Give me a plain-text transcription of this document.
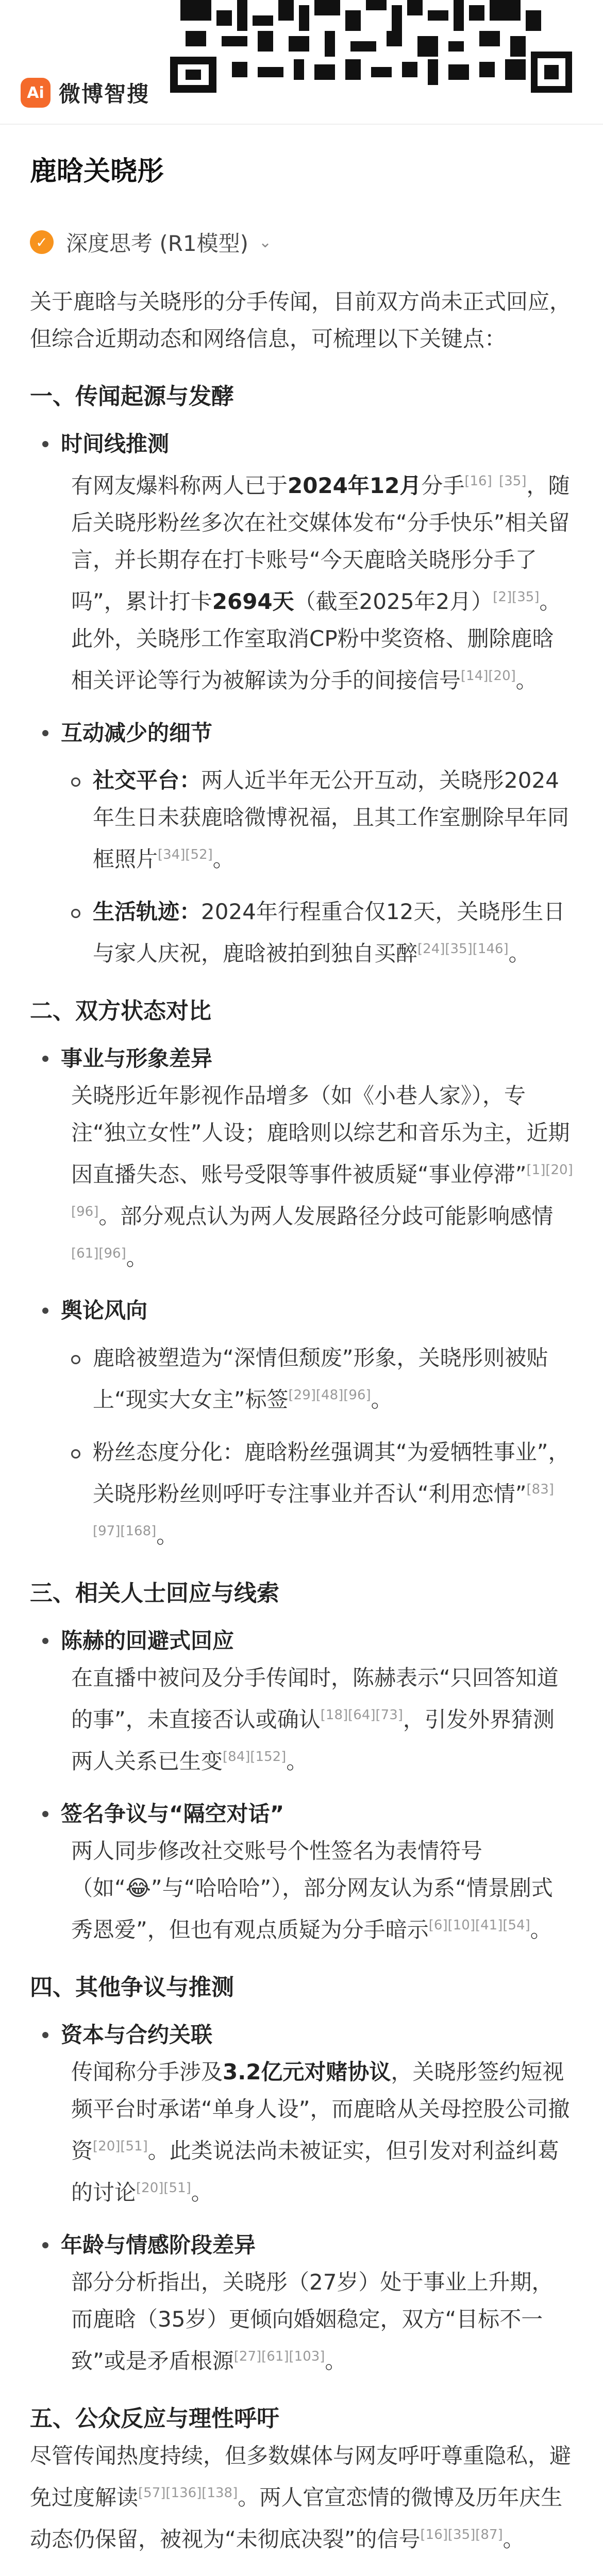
Ai 微博智搜
鹿晗关晓彤
✓ 深度思考 (R1模型) ⌄

关于鹿晗与关晓彤的分手传闻，目前双方尚未正式回应，但综合近期动态和网络信息，可梳理以下关键点：

一、传闻起源与发酵

时间线推测

有网友爆料称两人已于2024年12月分手[16] [35]，随后关晓彤粉丝多次在社交媒体发布“分手快乐”相关留言，并长期存在打卡账号“今天鹿晗关晓彤分手了吗”，累计打卡2694天（截至2025年2月）[2][35]。此外，关晓彤工作室取消CP粉中奖资格、删除鹿晗相关评论等行为被解读为分手的间接信号[14][20]。

互动减少的细节

社交平台：两人近半年无公开互动，关晓彤2024年生日未获鹿晗微博祝福，且其工作室删除早年同框照片[34][52]。

生活轨迹：2024年行程重合仅12天，关晓彤生日与家人庆祝，鹿晗被拍到独自买醉[24][35][146]。

二、双方状态对比

事业与形象差异

关晓彤近年影视作品增多（如《小巷人家》），专注“独立女性”人设；鹿晗则以综艺和音乐为主，近期因直播失态、账号受限等事件被质疑“事业停滞”[1][20][96]。部分观点认为两人发展路径分歧可能影响感情[61][96]。

舆论风向

鹿晗被塑造为“深情但颓废”形象，关晓彤则被贴上“现实大女主”标签[29][48][96]。

粉丝态度分化：鹿晗粉丝强调其“为爱牺牲事业”，关晓彤粉丝则呼吁专注事业并否认“利用恋情”[83][97][168]。

三、相关人士回应与线索

陈赫的回避式回应

在直播中被问及分手传闻时，陈赫表示“只回答知道的事”，未直接否认或确认[18][64][73]，引发外界猜测两人关系已生变[84][152]。

签名争议与“隔空对话”

两人同步修改社交账号个性签名为表情符号（如“😂”与“哈哈哈”），部分网友认为系“情景剧式秀恩爱”，但也有观点质疑为分手暗示[6][10][41][54]。

四、其他争议与推测

资本与合约关联

传闻称分手涉及3.2亿元对赌协议，关晓彤签约短视频平台时承诺“单身人设”，而鹿晗从关母控股公司撤资[20][51]。此类说法尚未被证实，但引发对利益纠葛的讨论[20][51]。

年龄与情感阶段差异

部分分析指出，关晓彤（27岁）处于事业上升期，而鹿晗（35岁）更倾向婚姻稳定，双方“目标不一致”或是矛盾根源[27][61][103]。

五、公众反应与理性呼吁

尽管传闻热度持续，但多数媒体与网友呼吁尊重隐私，避免过度解读[57][136][138]。两人官宣恋情的微博及历年庆生动态仍保留，被视为“未彻底决裂”的信号[16][35][87]。
